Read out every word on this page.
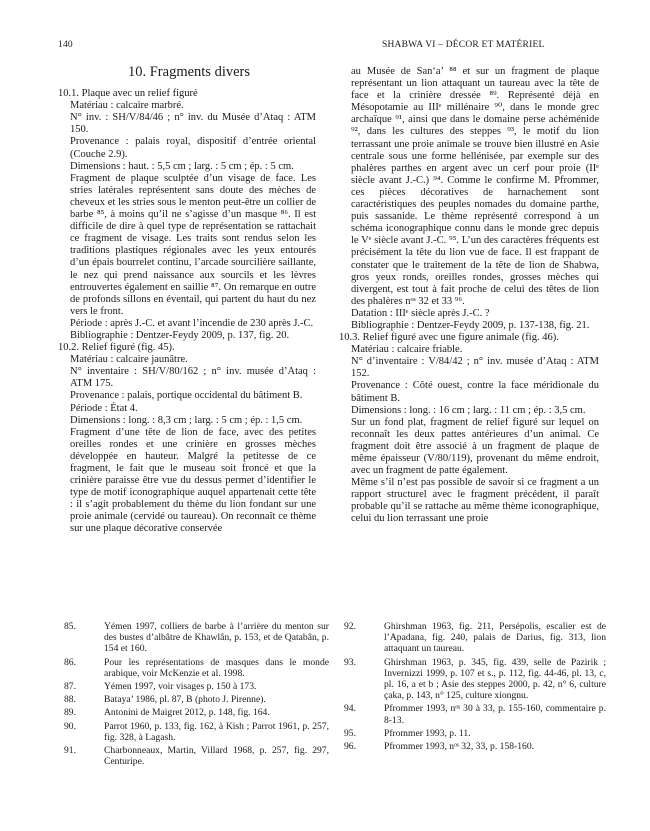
140	SHABWA VI – DÉCOR ET MATÉRIEL
10. Fragments divers

10.1. Plaque avec un relief figuré

Matériau : calcaire marbré.

N° inv. : SH/V/84/46 ; n° inv. du Musée d’Ataq : ATM 150.

Provenance : palais royal, dispositif d’entrée oriental (Couche 2.9).

Dimensions : haut. : 5,5 cm ; larg. : 5 cm ; ép. : 5 cm.

Fragment de plaque sculptée d’un visage de face. Les stries latérales représentent sans doute des mèches de cheveux et les stries sous le menton peut-être un collier de barbe ⁸⁵, à moins qu’il ne s’agisse d’un masque ⁸⁶. Il est difficile de dire à quel type de représentation se rattachait ce fragment de visage. Les traits sont rendus selon les traditions plastiques régionales avec les yeux entourés d’un épais bourrelet continu, l’arcade sourcilière saillante, le nez qui prend naissance aux sourcils et les lèvres entrouvertes également en saillie ⁸⁷. On remarque en outre de profonds sillons en éventail, qui partent du haut du nez vers le front.

Période : après J.-C. et avant l’incendie de 230 après J.-C.

Bibliographie : Dentzer-Feydy 2009, p. 137, fig. 20.

10.2. Relief figuré (fig. 45).

Matériau : calcaire jaunâtre.

N° inventaire : SH/V/80/162 ; n° inv. musée d’Ataq : ATM 175.

Provenance : palais, portique occidental du bâtiment B.

Période : État 4.

Dimensions : long. : 8,3 cm ; larg. : 5 cm ; ép. : 1,5 cm.

Fragment d’une tête de lion de face, avec des petites oreilles rondes et une crinière en grosses mèches développée en hauteur. Malgré la petitesse de ce fragment, le fait que le museau soit froncé et que la crinière paraisse être vue du dessus permet d’identifier le type de motif iconographique auquel appartenait cette tête : il s’agit probablement du thème du lion fondant sur une proie animale (cervidé ou taureau). On reconnaît ce thème sur une plaque décorative conservée

au Musée de San‘a’ ⁸⁸ et sur un fragment de plaque représentant un lion attaquant un taureau avec la tête de face et la crinière dressée ⁸⁹. Représenté déjà en Mésopotamie au IIIᵉ millénaire ⁹⁰, dans le monde grec archaïque ⁹¹, ainsi que dans le domaine perse achéménide ⁹², dans les cultures des steppes ⁹³, le motif du lion terrassant une proie animale se trouve bien illustré en Asie centrale sous une forme hellénisée, par exemple sur des phalères parthes en argent avec un cerf pour proie (IIᵉ siècle avant J.-C.) ⁹⁴. Comme le confirme M. Pfrommer, ces pièces décoratives de harnachement sont caractéristiques des peuples nomades du domaine parthe, puis sassanide. Le thème représenté correspond à un schéma iconographique connu dans le monde grec depuis le Vᵉ siècle avant J.-C. ⁹⁵. L’un des caractères fréquents est précisément la tête du lion vue de face. Il est frappant de constater que le traitement de la tête de lion de Shabwa, gros yeux ronds, oreilles rondes, grosses mèches qui divergent, est tout à fait proche de celui des têtes de lion des phalères nᵒˢ 32 et 33 ⁹⁶.

Datation : IIIᵉ siècle après J.-C. ?

Bibliographie : Dentzer-Feydy 2009, p. 137-138, fig. 21.

10.3. Relief figuré avec une figure animale (fig. 46).

Matériau : calcaire friable.

N° d’inventaire : V/84/42 ; n° inv. musée d’Ataq : ATM 152.

Provenance : Côté ouest, contre la face méridionale du bâtiment B.

Dimensions : long. : 16 cm ; larg. : 11 cm ; ép. : 3,5 cm.

Sur un fond plat, fragment de relief figuré sur lequel on reconnaît les deux pattes antérieures d’un animal. Ce fragment doit être associé à un fragment de plaque de même épaisseur (V/80/119), provenant du même endroit, avec un fragment de patte également.

Même s’il n’est pas possible de savoir si ce fragment a un rapport structurel avec le fragment précédent, il paraît probable qu’il se rattache au même thème iconographique, celui du lion terrassant une proie

85.	Yémen 1997, colliers de barbe à l’arrière du menton sur des bustes d’albâtre de Khawlân, p. 153, et de Qatabân, p. 154 et 160.
86.	Pour les représentations de masques dans le monde arabique, voir McKenzie et al. 1998.
87.	Yémen 1997, voir visages p. 150 à 173.
88.	Bataya’ 1986, pl. 87, B (photo J. Pirenne).
89.	Antonini de Maigret 2012, p. 148, fig. 164.
90.	Parrot 1960, p. 133, fig. 162, à Kish ; Parrot 1961, p. 257, fig. 328, à Lagash.
91.	Charbonneaux, Martin, Villard 1968, p. 257, fig. 297, Centuripe.
92.	Ghirshman 1963, fig. 211, Persépolis, escalier est de l’Apadana, fig. 240, palais de Darius, fig. 313, lion attaquant un taureau.
93.	Ghirshman 1963, p. 345, fig. 439, selle de Pazirik ; Invernizzi 1999, p. 107 et s., p. 112, fig. 44-46, pl. 13, c, pl. 16, a et b ; Asie des steppes 2000, p. 42, n° 6, culture çaka, p. 143, n° 125, culture xiongnu.
94.	Pfrommer 1993, nᵒˢ 30 à 33, p. 155-160, commentaire p. 8-13.
95.	Pfrommer 1993, p. 11.
96.	Pfrommer 1993, nᵒˢ 32, 33, p. 158-160.
